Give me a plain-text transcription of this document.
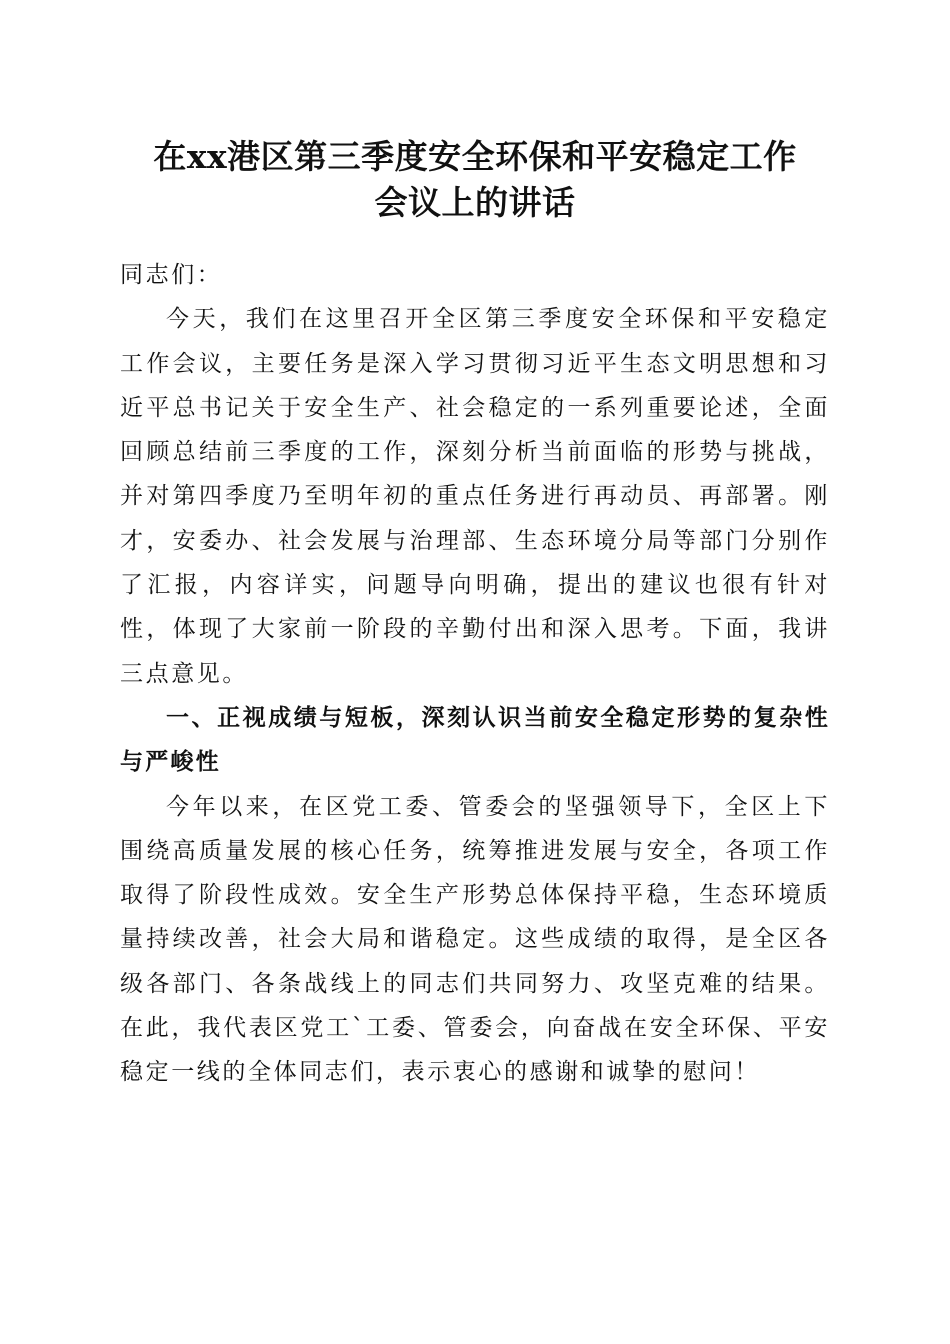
在xx港区第三季度安全环保和平安稳定工作
会议上的讲话

同志们：

今天，我们在这里召开全区第三季度安全环保和平安稳定工作会议，主要任务是深入学习贯彻习近平生态文明思想和习近平总书记关于安全生产、社会稳定的一系列重要论述，全面回顾总结前三季度的工作，深刻分析当前面临的形势与挑战，并对第四季度乃至明年初的重点任务进行再动员、再部署。刚才，安委办、社会发展与治理部、生态环境分局等部门分别作了汇报，内容详实，问题导向明确，提出的建议也很有针对性，体现了大家前一阶段的辛勤付出和深入思考。下面，我讲三点意见。

一、正视成绩与短板，深刻认识当前安全稳定形势的复杂性与严峻性

今年以来，在区党工委、管委会的坚强领导下，全区上下围绕高质量发展的核心任务，统筹推进发展与安全，各项工作取得了阶段性成效。安全生产形势总体保持平稳，生态环境质量持续改善，社会大局和谐稳定。这些成绩的取得，是全区各级各部门、各条战线上的同志们共同努力、攻坚克难的结果。在此，我代表区党工`工委、管委会，向奋战在安全环保、平安稳定一线的全体同志们，表示衷心的感谢和诚挚的慰问！
